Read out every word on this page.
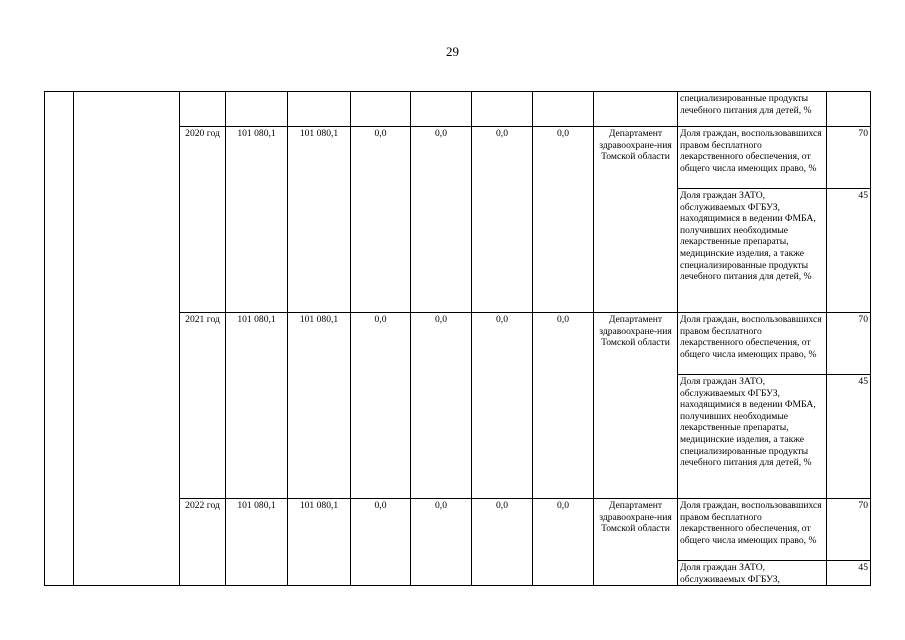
29
										специализированные продукты лечебного питания для детей, %	
		2020 год	101 080,1	101 080,1	0,0	0,0	0,0	0,0	Департамент здравоохране-ния Томской области	Доля граждан, воспользовавшихся правом бесплатного лекарственного обеспечения, от общего числа имеющих право, %	70
										Доля граждан ЗАТО, обслуживаемых ФГБУЗ, находящимися в ведении ФМБА, получивших необходимые лекарственные препараты, медицинские изделия, а также специализированные продукты лечебного питания для детей, %	45
		2021 год	101 080,1	101 080,1	0,0	0,0	0,0	0,0	Департамент здравоохране-ния Томской области	Доля граждан, воспользовавшихся правом бесплатного лекарственного обеспечения, от общего числа имеющих право, %	70
										Доля граждан ЗАТО, обслуживаемых ФГБУЗ, находящимися в ведении ФМБА, получивших необходимые лекарственные препараты, медицинские изделия, а также специализированные продукты лечебного питания для детей, %	45
		2022 год	101 080,1	101 080,1	0,0	0,0	0,0	0,0	Департамент здравоохране-ния Томской области	Доля граждан, воспользовавшихся правом бесплатного лекарственного обеспечения, от общего числа имеющих право, %	70
										Доля граждан ЗАТО, обслуживаемых ФГБУЗ,	45
